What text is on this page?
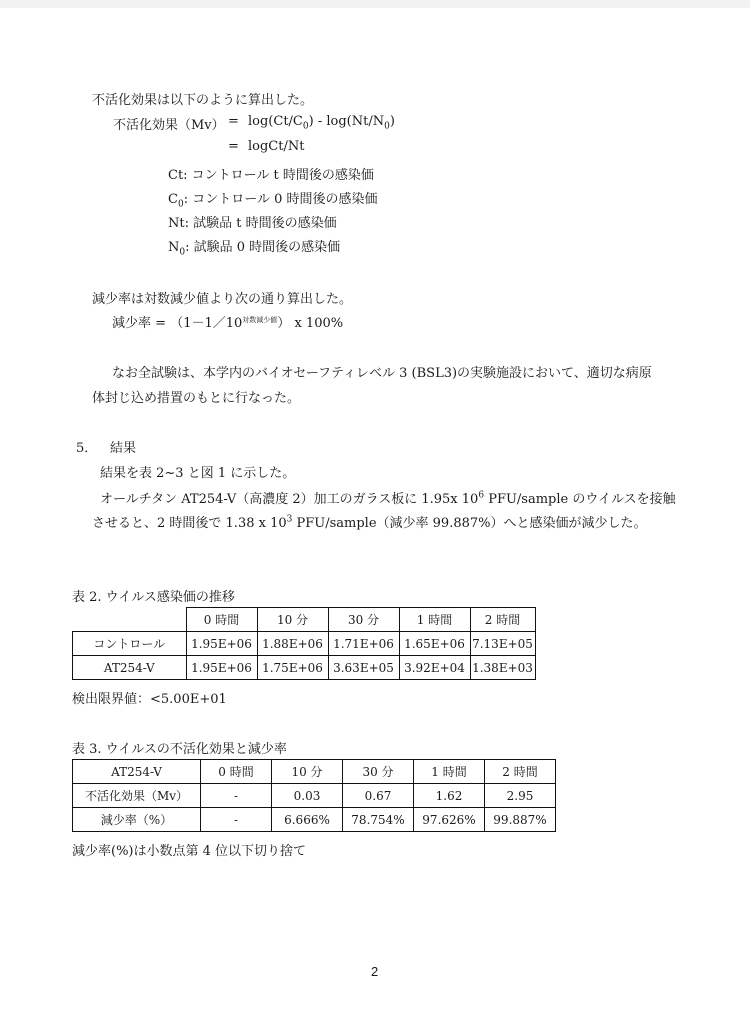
不活化効果は以下のように算出した。
不活化効果$(Mv) = \log(Ct/C_0) - \log(Nt/N_0)$
= logCt/Nt
Ct: コントロール t 時間後の感染価
$C_0$: コントロール 0 時間後の感染価
Nt: 試験品 t 時間後の感染価
$N_0$: 試験品 0 時間後の感染価
減少率は対数減少値より次の通り算出した。
減少率 = $(1-1/10^{対数減少値})$ x 100%
なお全試験は、本学内のバイオセーフティレベル 3 (BSL3)の実験施設において、適切な病原
体封じ込め措置のもとに行なった。
5． 結果
結果を表 2~3 と図 1 に示した。
オールチタン AT254-V（高濃度 2）加工のガラス板に 1.95x $10^6$ PFU/sample のウイルスを接触
させると、2 時間後で 1.38 x $10^3$ PFU/sample（減少率 99.887%）へと感染価が減少した。
表 2. ウイルス感染価の推移
	0 時間	10 分	30 分	1 時間	2 時間
コントロール	1.95E+06	1.88E+06	1.71E+06	1.65E+06	7.13E+05
AT254-V	1.95E+06	1.75E+06	3.63E+05	3.92E+04	1.38E+03
検出限界値：<5.00E+01
表 3. ウイルスの不活化効果と減少率
AT254-V	0 時間	10 分	30 分	1 時間	2 時間
不活化効果（Mv）	-	0.03	0.67	1.62	2.95
減少率（%）	-	6.666%	78.754%	97.626%	99.887%
減少率(%)は小数点第 4 位以下切り捨て
2
